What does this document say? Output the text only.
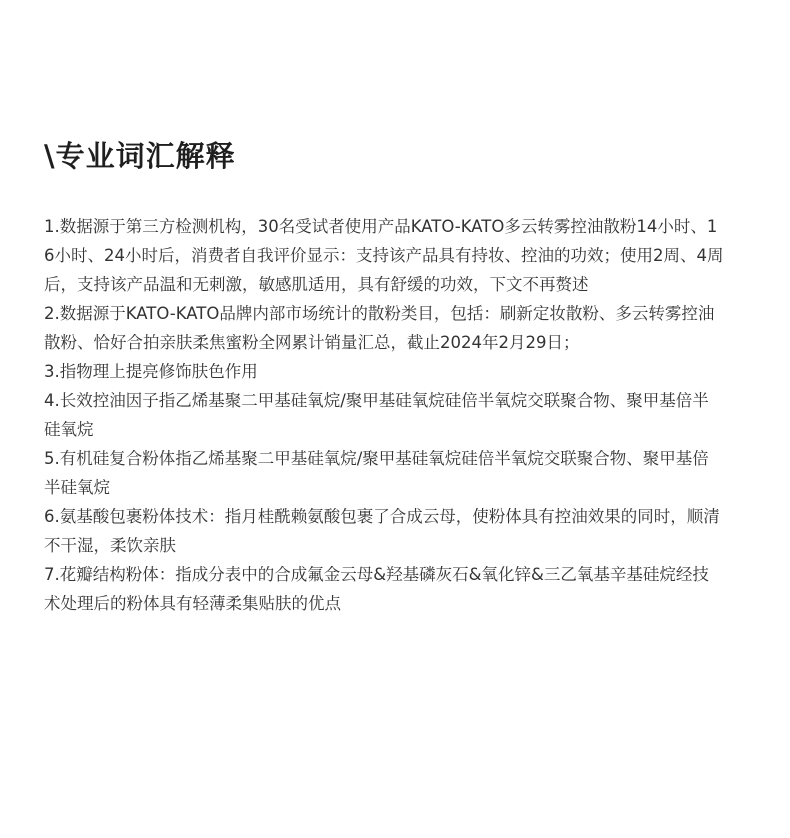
\专业词汇解释
1.数据源于第三方检测机构，30名受试者使用产品KATO-KATO多云转雾控油散粉14小时、16小时、24小时后，消费者自我评价显示：支持该产品具有持妆、控油的功效；使用2周、4周后，支持该产品温和无刺激，敏感肌适用，具有舒缓的功效，下文不再赘述
2.数据源于KATO-KATO品牌内部市场统计的散粉类目，包括：刷新定妆散粉、多云转雾控油散粉、恰好合拍亲肤柔焦蜜粉全网累计销量汇总，截止2024年2月29日；
3.指物理上提亮修饰肤色作用
4.长效控油因子指乙烯基聚二甲基硅氧烷/聚甲基硅氧烷硅倍半氧烷交联聚合物、聚甲基倍半硅氧烷
5.有机硅复合粉体指乙烯基聚二甲基硅氧烷/聚甲基硅氧烷硅倍半氧烷交联聚合物、聚甲基倍半硅氧烷
6.氨基酸包裹粉体技术：指月桂酰赖氨酸包裹了合成云母，使粉体具有控油效果的同时，顺清不干湿，柔饮亲肤
7.花瓣结构粉体：指成分表中的合成氟金云母&羟基磷灰石&氧化锌&三乙氧基辛基硅烷经技术处理后的粉体具有轻薄柔集贴肤的优点
